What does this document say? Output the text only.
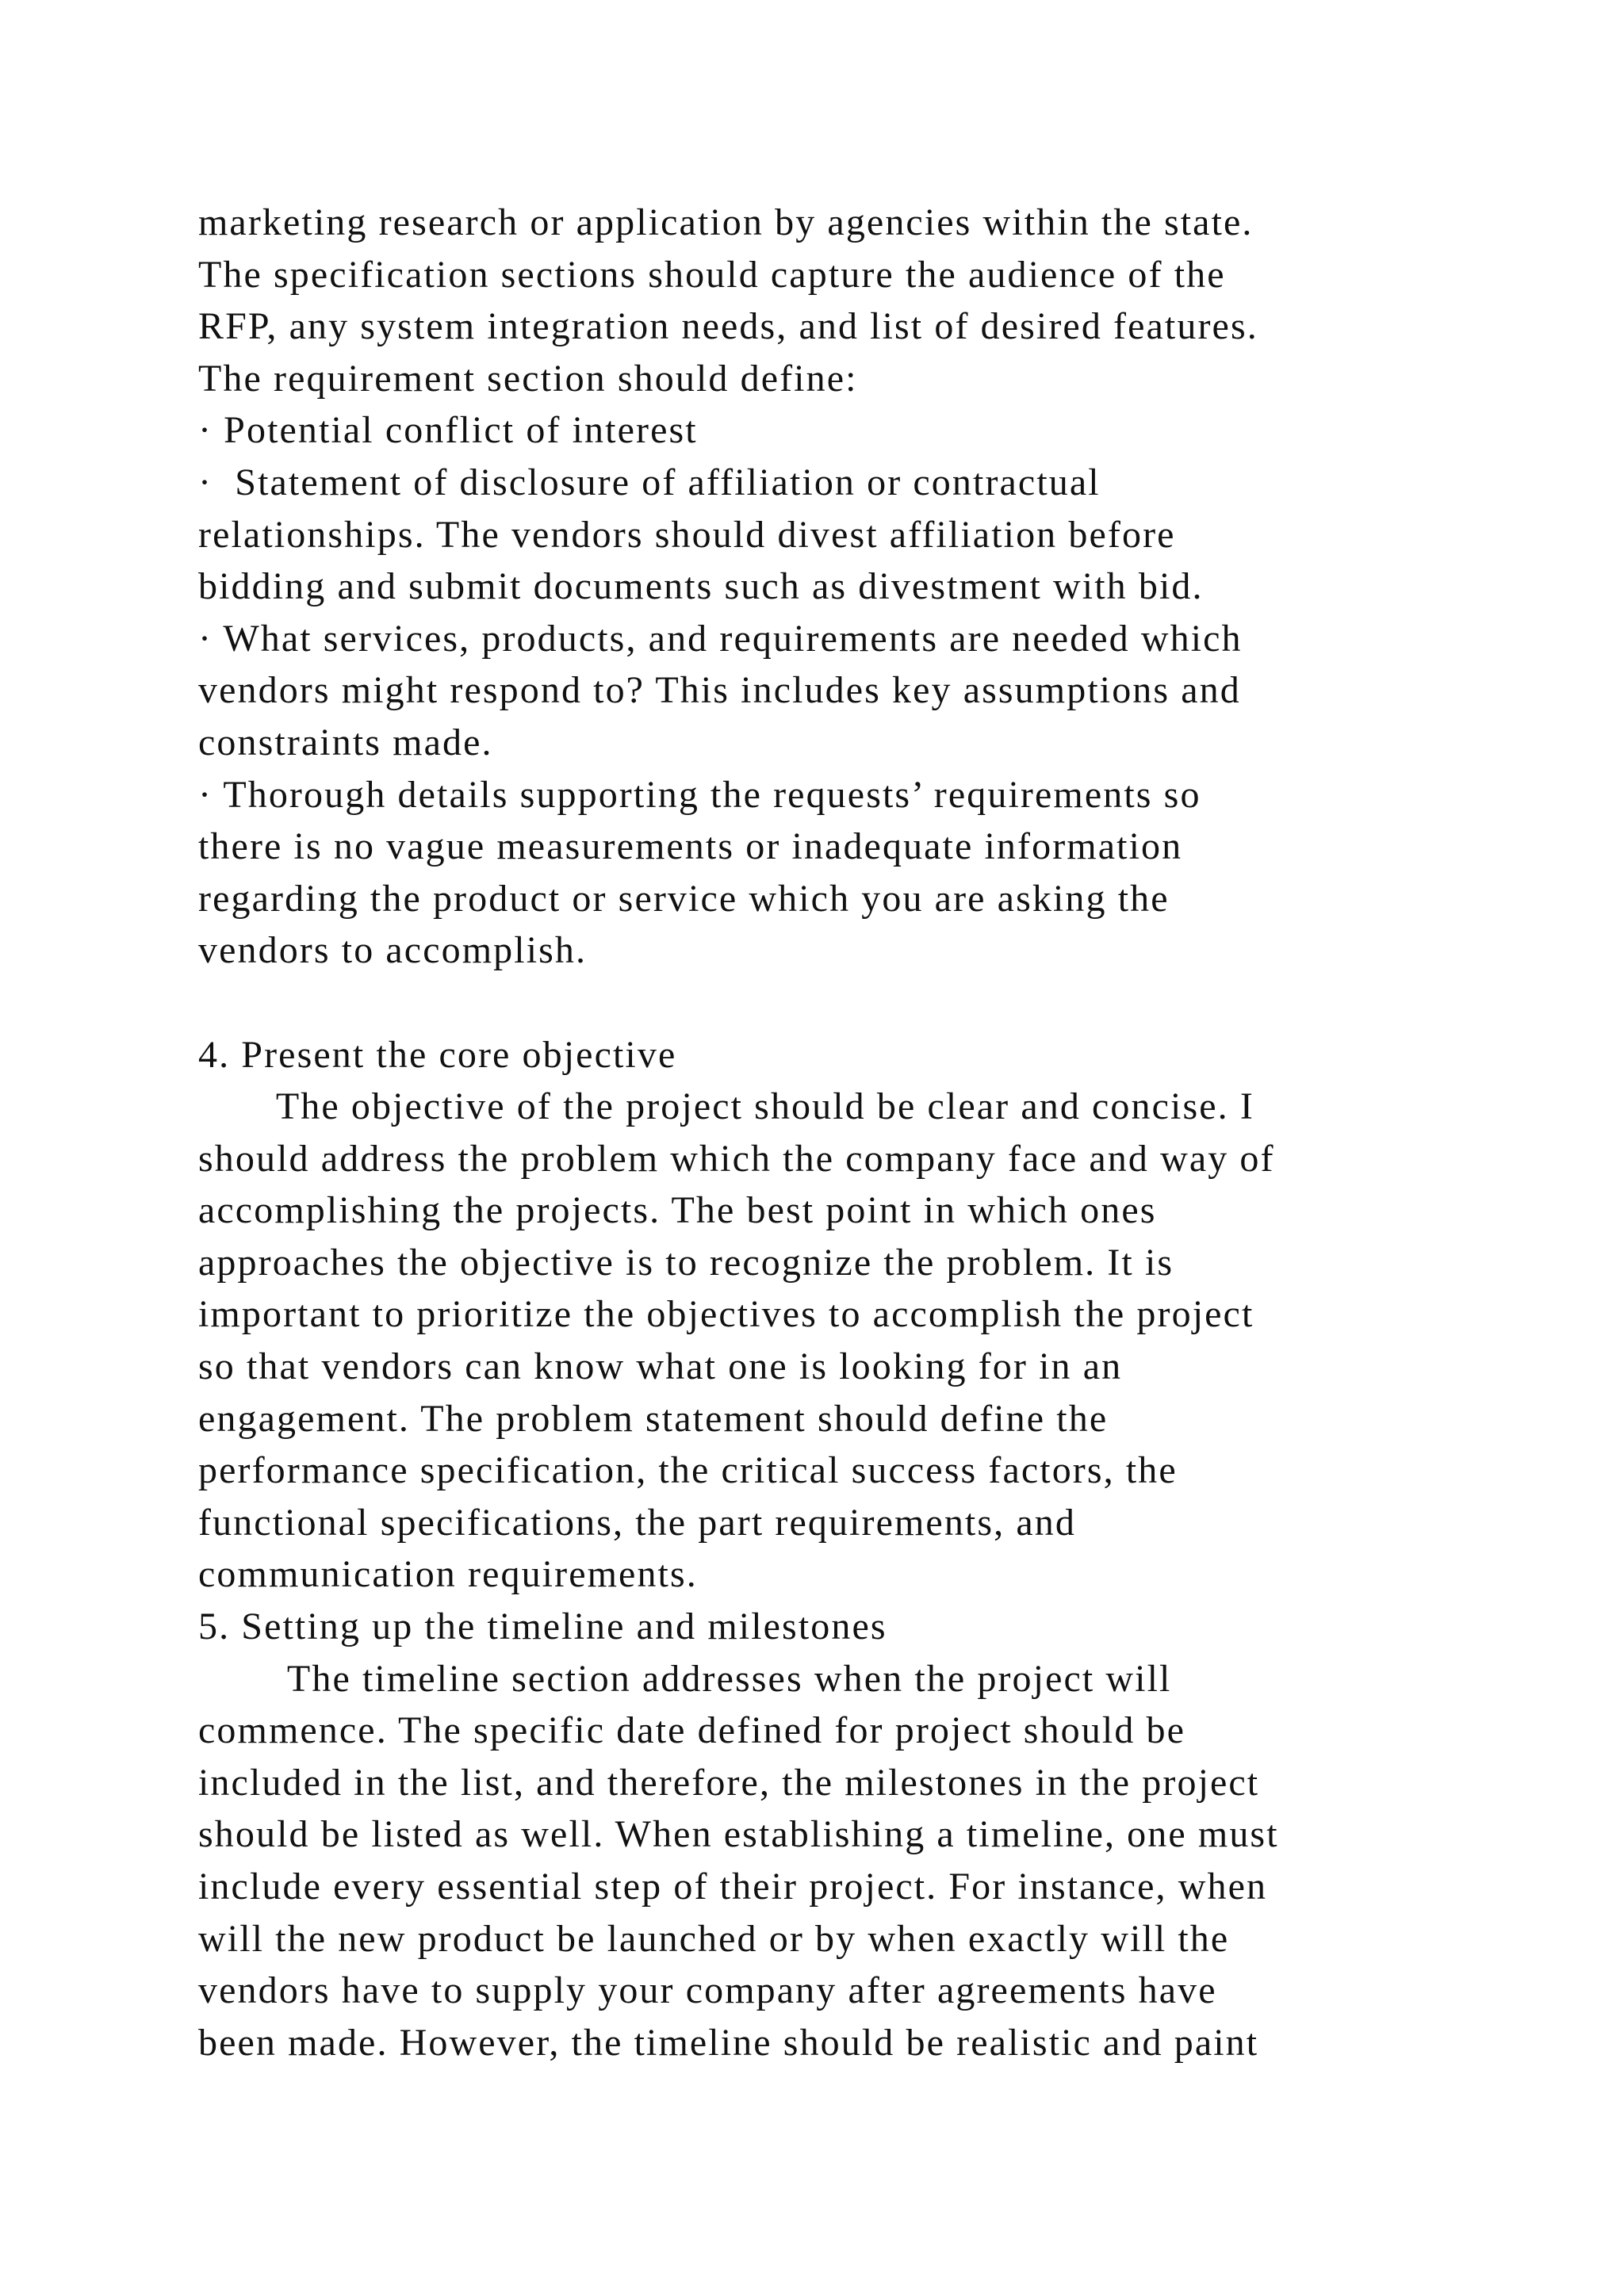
marketing research or application by agencies within the state.
The specification sections should capture the audience of the
RFP, any system integration needs, and list of desired features.
The requirement section should define:
· Potential conflict of interest
·  Statement of disclosure of affiliation or contractual
relationships. The vendors should divest affiliation before
bidding and submit documents such as divestment with bid.
· What services, products, and requirements are needed which
vendors might respond to? This includes key assumptions and
constraints made.
· Thorough details supporting the requests’ requirements so
there is no vague measurements or inadequate information
regarding the product or service which you are asking the
vendors to accomplish.
4. Present the core objective
The objective of the project should be clear and concise. I
should address the problem which the company face and way of
accomplishing the projects. The best point in which ones
approaches the objective is to recognize the problem. It is
important to prioritize the objectives to accomplish the project
so that vendors can know what one is looking for in an
engagement. The problem statement should define the
performance specification, the critical success factors, the
functional specifications, the part requirements, and
communication requirements.
5. Setting up the timeline and milestones
The timeline section addresses when the project will
commence. The specific date defined for project should be
included in the list, and therefore, the milestones in the project
should be listed as well. When establishing a timeline, one must
include every essential step of their project. For instance, when
will the new product be launched or by when exactly will the
vendors have to supply your company after agreements have
been made. However, the timeline should be realistic and paint
